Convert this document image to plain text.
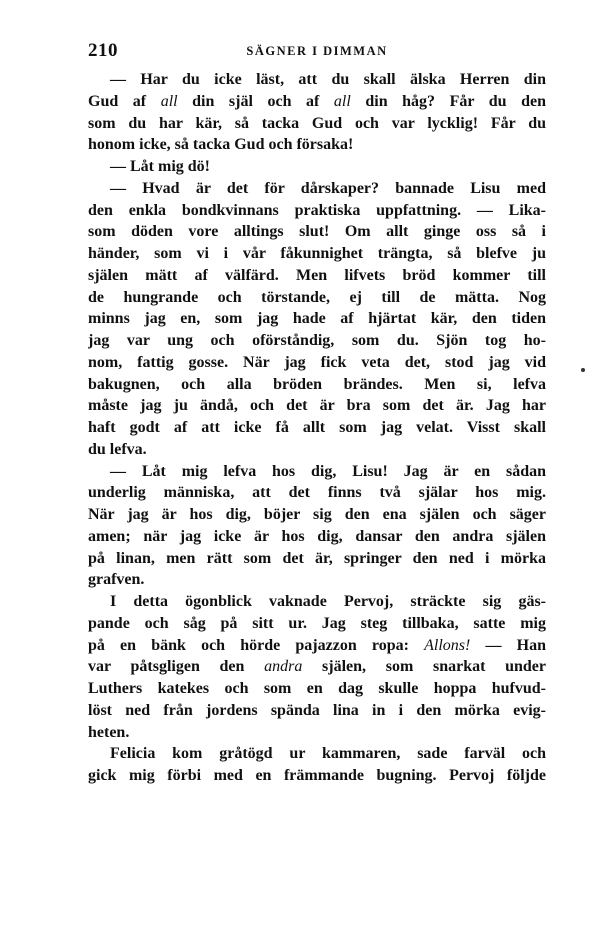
210	SÄGNER I DIMMAN
— Har du icke läst, att du skall älska Herren din
Gud af all din själ och af all din håg? Får du den
som du har kär, så tacka Gud och var lycklig! Får du
honom icke, så tacka Gud och försaka!
— Låt mig dö!
— Hvad är det för dårskaper? bannade Lisu med
den enkla bondkvinnans praktiska uppfattning. — Lika-
som döden vore alltings slut! Om allt ginge oss så i
händer, som vi i vår fåkunnighet trängta, så blefve ju
själen mätt af välfärd. Men lifvets bröd kommer till
de hungrande och törstande, ej till de mätta. Nog
minns jag en, som jag hade af hjärtat kär, den tiden
jag var ung och oförståndig, som du. Sjön tog ho-
nom, fattig gosse. När jag fick veta det, stod jag vid
bakugnen, och alla bröden brändes. Men si, lefva
måste jag ju ändå, och det är bra som det är. Jag har
haft godt af att icke få allt som jag velat. Visst skall
du lefva.
— Låt mig lefva hos dig, Lisu! Jag är en sådan
underlig människa, att det finns två själar hos mig.
När jag är hos dig, böjer sig den ena själen och säger
amen; när jag icke är hos dig, dansar den andra själen
på linan, men rätt som det är, springer den ned i mörka
grafven.
I detta ögonblick vaknade Pervoj, sträckte sig gäs-
pande och såg på sitt ur. Jag steg tillbaka, satte mig
på en bänk och hörde pajazzon ropa: Allons! — Han
var påtsgligen den andra själen, som snarkat under
Luthers katekes och som en dag skulle hoppa hufvud-
löst ned från jordens spända lina in i den mörka evig-
heten.
Felicia kom gråtögd ur kammaren, sade farväl och
gick mig förbi med en främmande bugning. Pervoj följde
